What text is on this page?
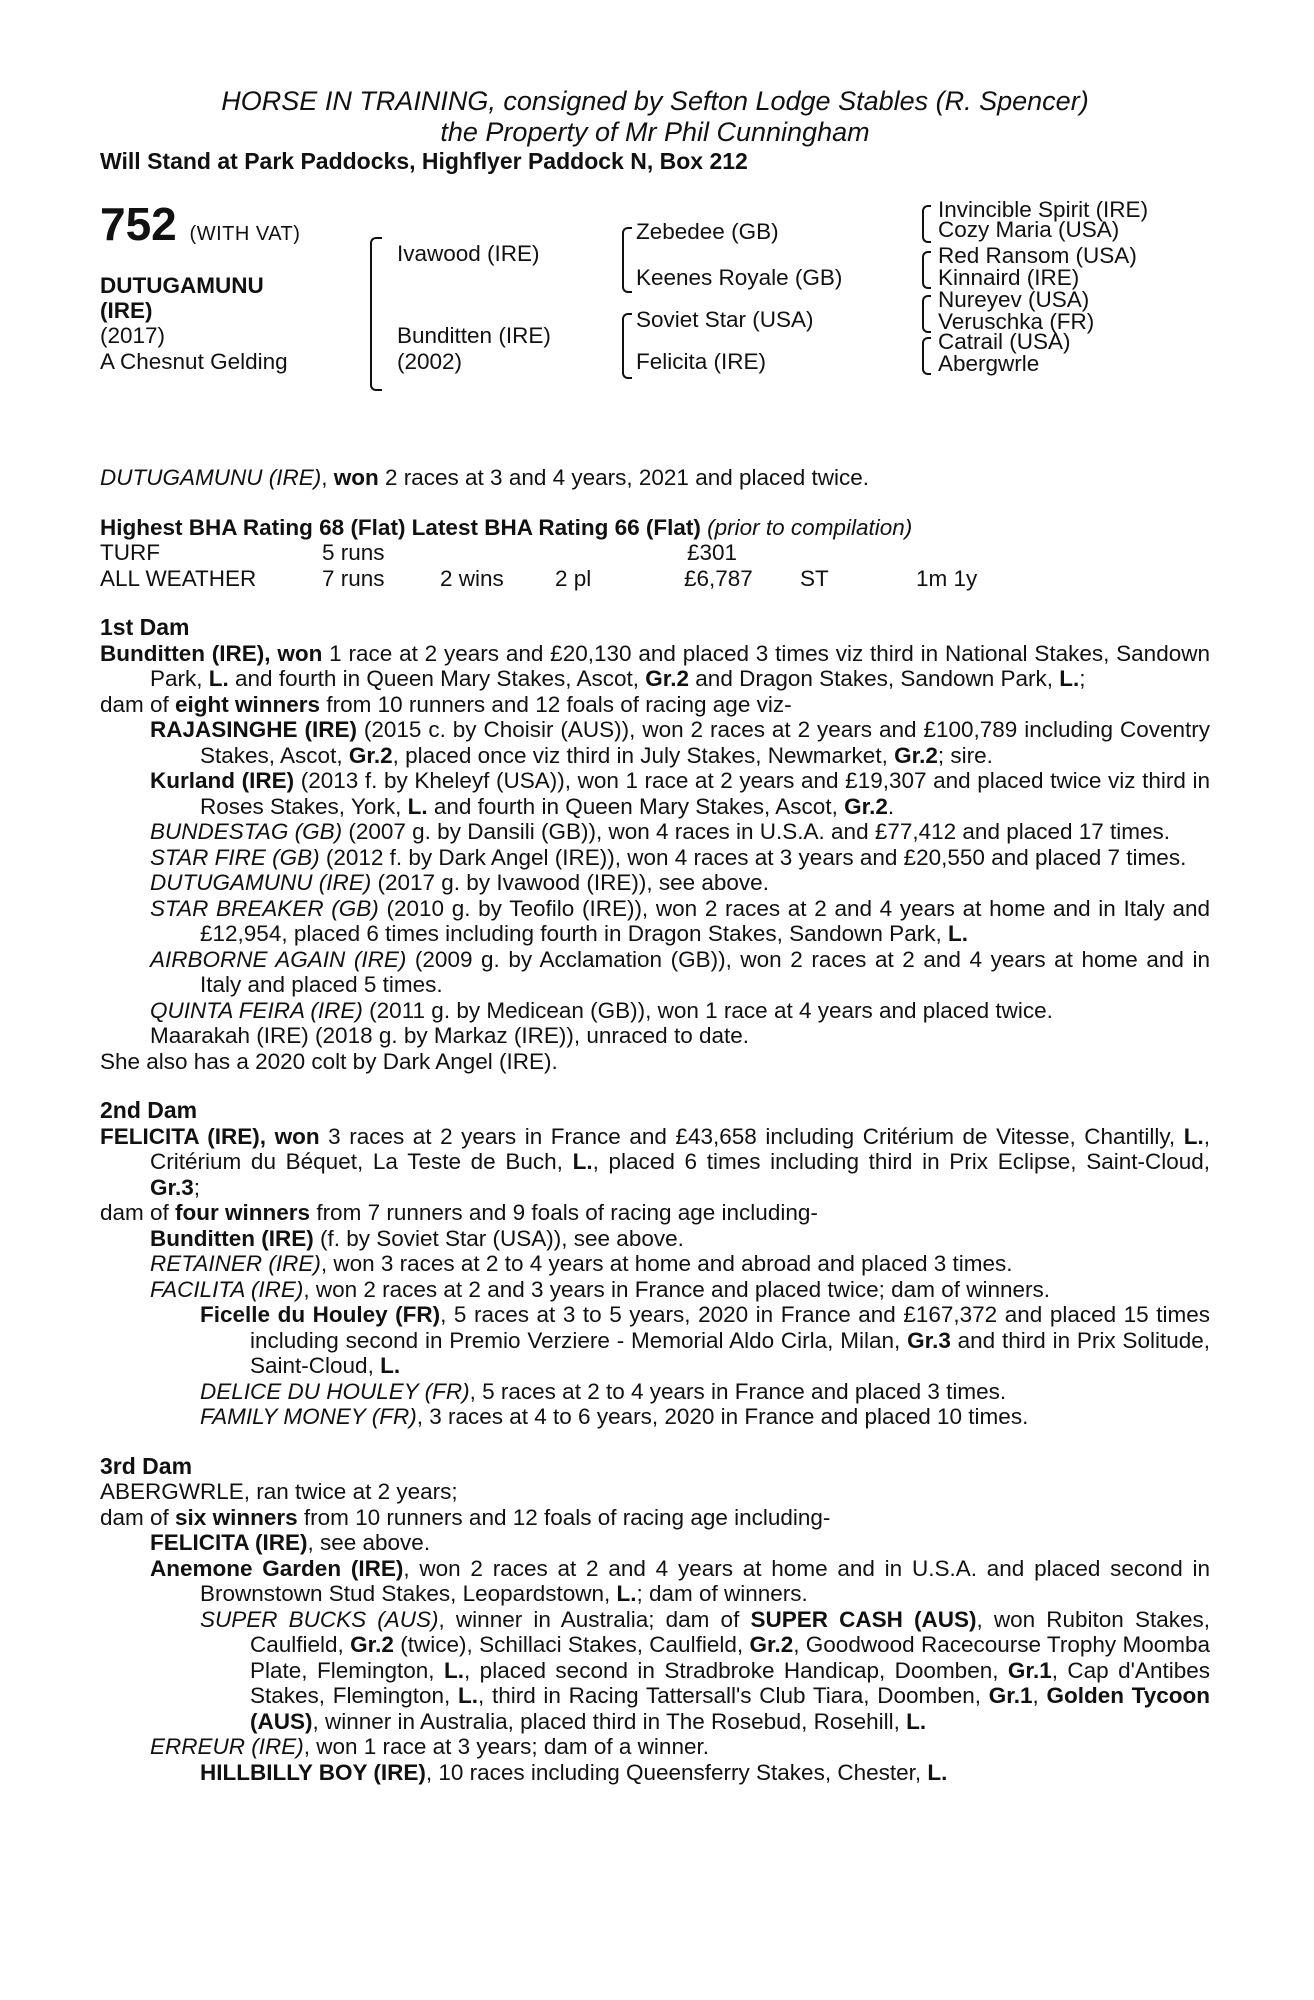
HORSE IN TRAINING, consigned by Sefton Lodge Stables (R. Spencer)
the Property of Mr Phil Cunningham
Will Stand at Park Paddocks, Highflyer Paddock N, Box 212
752 (WITH VAT)
DUTUGAMUNU
(IRE)
(2017)
A Chesnut Gelding
Ivawood (IRE)
Bunditten (IRE)
(2002)
Zebedee (GB)
Keenes Royale (GB)
Soviet Star (USA)
Felicita (IRE)
Invincible Spirit (IRE)
Cozy Maria (USA)
Red Ransom (USA)
Kinnaird (IRE)
Nureyev (USA)
Veruschka (FR)
Catrail (USA)
Abergwrle
DUTUGAMUNU (IRE), won 2 races at 3 and 4 years, 2021 and placed twice.
Highest BHA Rating 68 (Flat) Latest BHA Rating 66 (Flat) (prior to compilation)
TURF	5 runs	£301
ALL WEATHER	7 runs 2 wins 2 pl	£6,787 ST	1m 1y
1st Dam
Bunditten (IRE), won 1 race at 2 years and £20,130 and placed 3 times viz third in National Stakes, Sandown Park, L. and fourth in Queen Mary Stakes, Ascot, Gr.2 and Dragon Stakes, Sandown Park, L.;
dam of eight winners from 10 runners and 12 foals of racing age viz-
RAJASINGHE (IRE) (2015 c. by Choisir (AUS)), won 2 races at 2 years and £100,789 including Coventry Stakes, Ascot, Gr.2, placed once viz third in July Stakes, Newmarket, Gr.2; sire.
Kurland (IRE) (2013 f. by Kheleyf (USA)), won 1 race at 2 years and £19,307 and placed twice viz third in Roses Stakes, York, L. and fourth in Queen Mary Stakes, Ascot, Gr.2.
BUNDESTAG (GB) (2007 g. by Dansili (GB)), won 4 races in U.S.A. and £77,412 and placed 17 times.
STAR FIRE (GB) (2012 f. by Dark Angel (IRE)), won 4 races at 3 years and £20,550 and placed 7 times.
DUTUGAMUNU (IRE) (2017 g. by Ivawood (IRE)), see above.
STAR BREAKER (GB) (2010 g. by Teofilo (IRE)), won 2 races at 2 and 4 years at home and in Italy and £12,954, placed 6 times including fourth in Dragon Stakes, Sandown Park, L.
AIRBORNE AGAIN (IRE) (2009 g. by Acclamation (GB)), won 2 races at 2 and 4 years at home and in Italy and placed 5 times.
QUINTA FEIRA (IRE) (2011 g. by Medicean (GB)), won 1 race at 4 years and placed twice.
Maarakah (IRE) (2018 g. by Markaz (IRE)), unraced to date.
She also has a 2020 colt by Dark Angel (IRE).
2nd Dam
FELICITA (IRE), won 3 races at 2 years in France and £43,658 including Critérium de Vitesse, Chantilly, L., Critérium du Béquet, La Teste de Buch, L., placed 6 times including third in Prix Eclipse, Saint-Cloud, Gr.3;
dam of four winners from 7 runners and 9 foals of racing age including-
Bunditten (IRE) (f. by Soviet Star (USA)), see above.
RETAINER (IRE), won 3 races at 2 to 4 years at home and abroad and placed 3 times.
FACILITA (IRE), won 2 races at 2 and 3 years in France and placed twice; dam of winners.
Ficelle du Houley (FR), 5 races at 3 to 5 years, 2020 in France and £167,372 and placed 15 times including second in Premio Verziere - Memorial Aldo Cirla, Milan, Gr.3 and third in Prix Solitude, Saint-Cloud, L.
DELICE DU HOULEY (FR), 5 races at 2 to 4 years in France and placed 3 times.
FAMILY MONEY (FR), 3 races at 4 to 6 years, 2020 in France and placed 10 times.
3rd Dam
ABERGWRLE, ran twice at 2 years;
dam of six winners from 10 runners and 12 foals of racing age including-
FELICITA (IRE), see above.
Anemone Garden (IRE), won 2 races at 2 and 4 years at home and in U.S.A. and placed second in Brownstown Stud Stakes, Leopardstown, L.; dam of winners.
SUPER BUCKS (AUS), winner in Australia; dam of SUPER CASH (AUS), won Rubiton Stakes, Caulfield, Gr.2 (twice), Schillaci Stakes, Caulfield, Gr.2, Goodwood Racecourse Trophy Moomba Plate, Flemington, L., placed second in Stradbroke Handicap, Doomben, Gr.1, Cap d'Antibes Stakes, Flemington, L., third in Racing Tattersall's Club Tiara, Doomben, Gr.1, Golden Tycoon (AUS), winner in Australia, placed third in The Rosebud, Rosehill, L.
ERREUR (IRE), won 1 race at 3 years; dam of a winner.
HILLBILLY BOY (IRE), 10 races including Queensferry Stakes, Chester, L.
